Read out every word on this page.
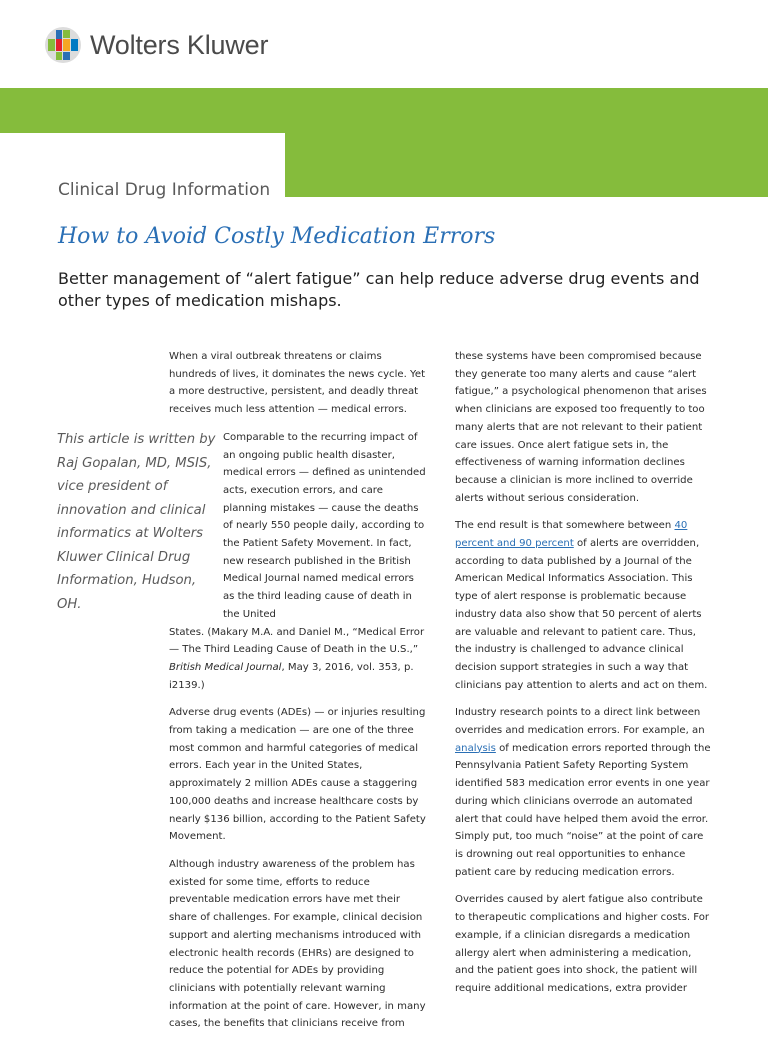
Wolters Kluwer
Clinical Drug Information
How to Avoid Costly Medication Errors

Better management of “alert fatigue” can help reduce adverse drug events and other types of medication mishaps.

This article is written by Raj Gopalan, MD, MSIS, vice president of innovation and clinical informatics at Wolters Kluwer Clinical Drug Information, Hudson, OH.

When a viral outbreak threatens or claims hundreds of lives, it dominates the news cycle. Yet a more destructive, persistent, and deadly threat receives much less attention — medical errors.

Comparable to the recurring impact of an ongoing public health disaster, medical errors — defined as unintended acts, execution errors, and care planning mistakes — cause the deaths of nearly 550 people daily, according to the Patient Safety Movement. In fact, new research published in the British Medical Journal named medical errors as the third leading cause of death in the United
States. (Makary M.A. and Daniel M., “Medical Error — The Third Leading Cause of Death in the U.S.,” British Medical Journal, May 3, 2016, vol. 353, p. i2139.)

Adverse drug events (ADEs) — or injuries resulting from taking a medication — are one of the three most common and harmful categories of medical errors. Each year in the United States, approximately 2 million ADEs cause a staggering 100,000 deaths and increase healthcare costs by nearly $136 billion, according to the Patient Safety Movement.

Although industry awareness of the problem has existed for some time, efforts to reduce preventable medication errors have met their share of challenges. For example, clinical decision support and alerting mechanisms introduced with electronic health records (EHRs) are designed to reduce the potential for ADEs by providing clinicians with potentially relevant warning information at the point of care. However, in many cases, the benefits that clinicians receive from

these systems have been compromised because they generate too many alerts and cause “alert fatigue,” a psychological phenomenon that arises when clinicians are exposed too frequently to too many alerts that are not relevant to their patient care issues. Once alert fatigue sets in, the effectiveness of warning information declines because a clinician is more inclined to override alerts without serious consideration.

The end result is that somewhere between 40 percent and 90 percent of alerts are overridden, according to data published by a Journal of the American Medical Informatics Association. This type of alert response is problematic because industry data also show that 50 percent of alerts are valuable and relevant to patient care. Thus, the industry is challenged to advance clinical decision support strategies in such a way that clinicians pay attention to alerts and act on them.

Industry research points to a direct link between overrides and medication errors. For example, an analysis of medication errors reported through the Pennsylvania Patient Safety Reporting System identified 583 medication error events in one year during which clinicians overrode an automated alert that could have helped them avoid the error. Simply put, too much “noise” at the point of care is drowning out real opportunities to enhance patient care by reducing medication errors.

Overrides caused by alert fatigue also contribute to therapeutic complications and higher costs. For example, if a clinician disregards a medication allergy alert when administering a medication, and the patient goes into shock, the patient will require additional medications, extra provider
